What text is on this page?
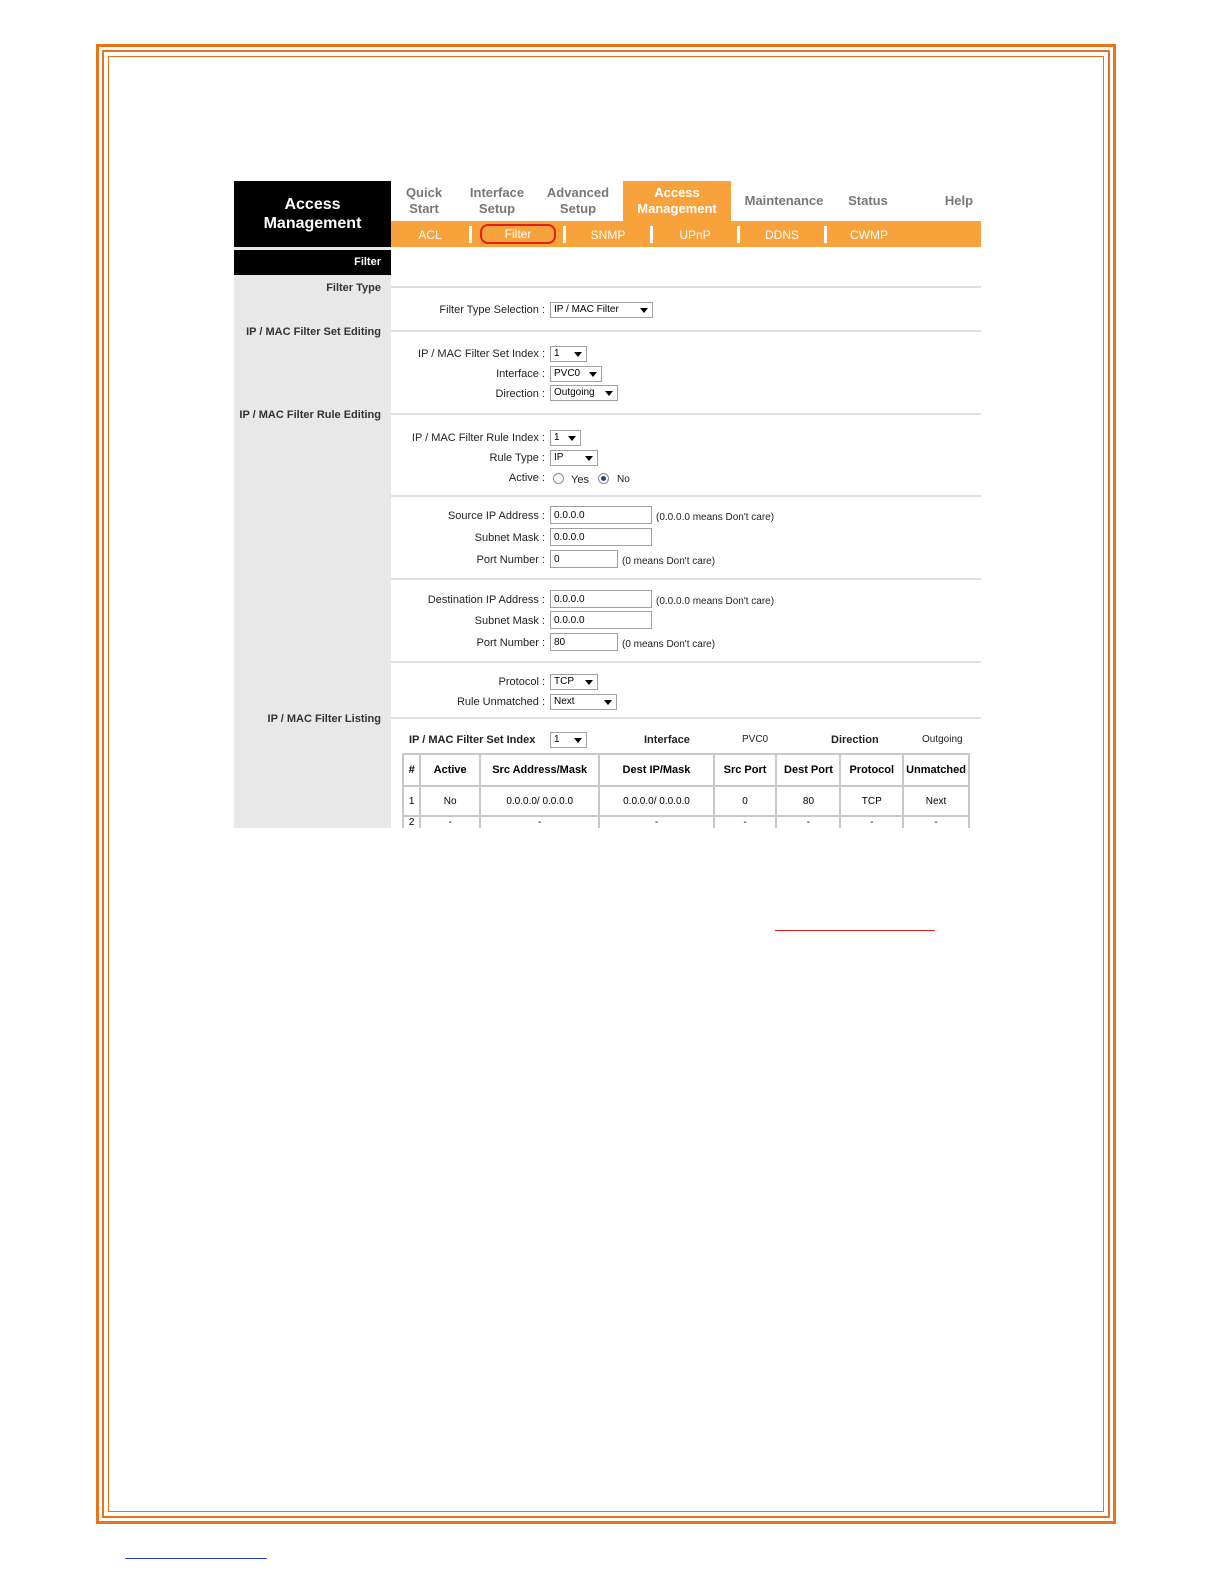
Access
Management
Quick
Start
Interface
Setup
Advanced
Setup
Access
Management
Maintenance Status	Help
ACL	Filter	SNMP	UPnP	DDNS	CWMP
Filter
Filter Type
IP / MAC Filter Set Editing
IP / MAC Filter Rule Editing
IP / MAC Filter Listing
Filter Type Selection : IP / MAC Filter
IP / MAC Filter Set Index : 1
Interface : PVC0
Direction : Outgoing
IP / MAC Filter Rule Index : 1
Rule Type : IP
Active : Yes	No
Source IP Address :
0.0.0.0	(0.0.0.0 means Don't care)
Subnet Mask :
0.0.0.0
Port Number :
0	(0 means Don't care)
Destination IP Address :
0.0.0.0	(0.0.0.0 means Don't care)
Subnet Mask :
0.0.0.0
Port Number :
80	(0 means Don't care)
Protocol : TCP
Rule Unmatched : Next
IP / MAC Filter Set Index	1	Interface	PVC0	Direction	Outgoing
#	Active	Src Address/Mask	Dest IP/Mask	Src Port	Dest Port	Protocol	Unmatched
1	No	0.0.0.0/ 0.0.0.0	0.0.0.0/ 0.0.0.0	0	80	TCP	Next
2	-	-	-	-	-	-	-
